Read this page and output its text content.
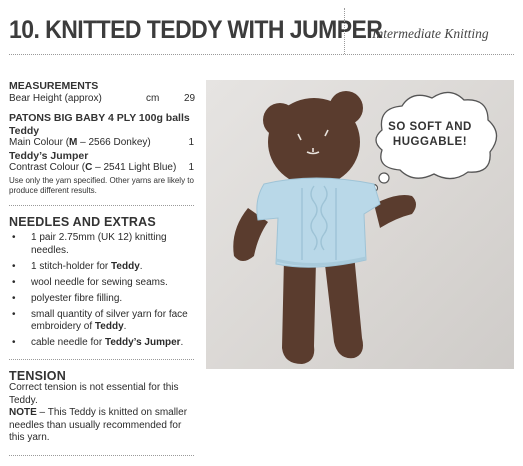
10. KNITTED TEDDY WITH JUMPER
Intermediate Knitting
MEASUREMENTS
Bear Height (approx)	cm	29
PATONS BIG BABY 4 PLY 100g balls
Teddy
Main Colour (M – 2566 Donkey)	1
Teddy’s Jumper
Contrast Colour (C – 2541 Light Blue)	1
Use only the yarn specified. Other yarns are likely to produce different results.
NEEDLES AND EXTRAS
• 1 pair 2.75mm (UK 12) knitting needles.
• 1 stitch-holder for Teddy.
• wool needle for sewing seams.
• polyester fibre filling.
• small quantity of silver yarn for face embroidery of Teddy.
• cable needle for Teddy’s Jumper.
TENSION
Correct tension is not essential for this Teddy.
NOTE – This Teddy is knitted on smaller needles than usually recommended for this yarn.
SO SOFT AND
HUGGABLE!
